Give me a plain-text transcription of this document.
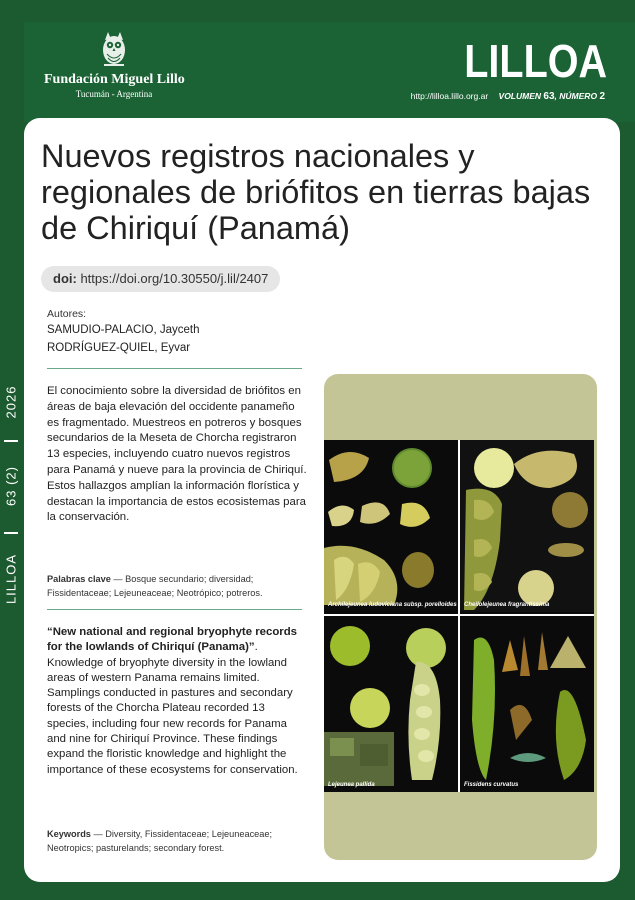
Fundación Miguel Lillo
Tucumán - Argentina
LILLOA
http://lilloa.lillo.org.ar VOLUMEN 63, NÚMERO 2
2026
63 (2)
LILLOA
Nuevos registros nacionales y regionales de briófitos en tierras bajas de Chiriquí (Panamá)
doi: https://doi.org/10.30550/j.lil/2407
Autores:
SAMUDIO-PALACIO, Jayceth
RODRÍGUEZ-QUIEL, Eyvar
El conocimiento sobre la diversidad de briófitos en áreas de baja elevación del occidente panameño es fragmentado. Muestreos en potreros y bosques secundarios de la Meseta de Chorcha registraron 13 especies, incluyendo cuatro nuevos registros para Panamá y nueve para la provincia de Chiriquí. Estos hallazgos amplían la información florística y destacan la importancia de estos ecosistemas para la conservación.
Palabras clave — Bosque secundario; diversidad; Fissidentaceae; Lejeuneaceae; Neotrópico; potreros.
“New national and regional bryophyte records for the lowlands of Chiriquí (Panama)”. Knowledge of bryophyte diversity in the lowland areas of western Panama remains limited. Samplings conducted in pastures and secondary forests of the Chorcha Plateau recorded 13 species, including four new records for Panama and nine for Chiriquí Province. These findings expand the floristic knowledge and highlight the importance of these ecosystems for conservation.
Keywords — Diversity, Fissidentaceae; Lejeuneaceae; Neotropics; pasturelands; secondary forest.
Archilejeunea ludoviciana subsp. porelloides Cheilolejeunea fragrantissima
Lejeunea pallida	Fissidens curvatus
